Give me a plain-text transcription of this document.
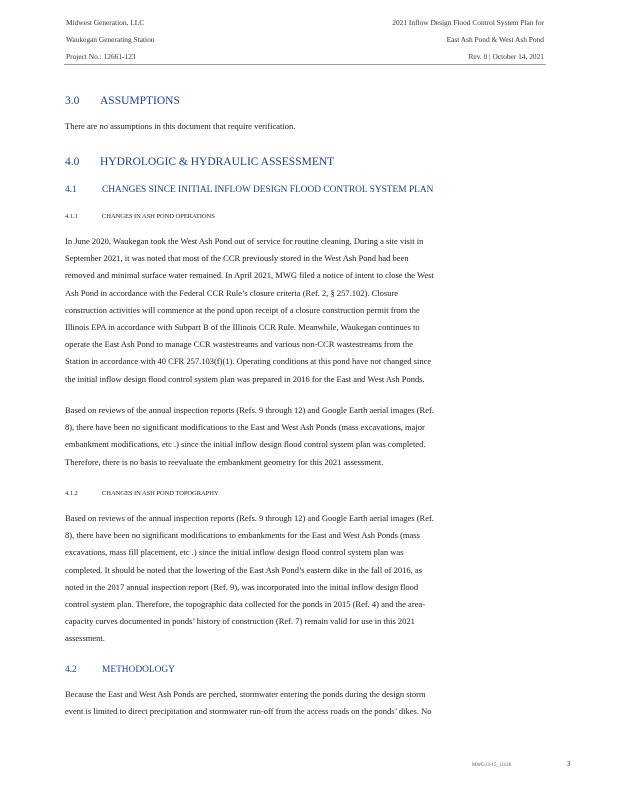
Midwest Generation, LLC
Waukegan Generating Station
Project No.: 12661-123
2021 Inflow Design Flood Control System Plan for
East Ash Pond & West Ash Pond
Rev. 0 | October 14, 2021
3.0 ASSUMPTIONS
There are no assumptions in this document that require verification.
4.0 HYDROLOGIC & HYDRAULIC ASSESSMENT
4.1	CHANGES SINCE INITIAL INFLOW DESIGN FLOOD CONTROL SYSTEM PLAN
4.1.1	CHANGES IN ASH POND OPERATIONS
In June 2020, Waukegan took the West Ash Pond out of service for routine cleaning. During a site visit in
September 2021, it was noted that most of the CCR previously stored in the West Ash Pond had been
removed and minimal surface water remained. In April 2021, MWG filed a notice of intent to close the West
Ash Pond in accordance with the Federal CCR Rule’s closure criteria (Ref. 2, § 257.102). Closure
construction activities will commence at the pond upon receipt of a closure construction permit from the
Illinois EPA in accordance with Subpart B of the Illinois CCR Rule. Meanwhile, Waukegan continues to
operate the East Ash Pond to manage CCR wastestreams and various non-CCR wastestreams from the
Station in accordance with 40 CFR 257.103(f)(1). Operating conditions at this pond have not changed since
the initial inflow design flood control system plan was prepared in 2016 for the East and West Ash Ponds.
Based on reviews of the annual inspection reports (Refs. 9 through 12) and Google Earth aerial images (Ref.
8), there have been no significant modifications to the East and West Ash Ponds (mass excavations, major
embankment modifications, etc .) since the initial inflow design flood control system plan was completed.
Therefore, there is no basis to reevaluate the embankment geometry for this 2021 assessment.
4.1.2	CHANGES IN ASH POND TOPOGRAPHY
Based on reviews of the annual inspection reports (Refs. 9 through 12) and Google Earth aerial images (Ref.
8), there have been no significant modifications to embankments for the East and West Ash Ponds (mass
excavations, mass fill placement, etc .) since the initial inflow design flood control system plan was
completed. It should be noted that the lowering of the East Ash Pond’s eastern dike in the fall of 2016, as
noted in the 2017 annual inspection report (Ref. 9), was incorporated into the initial inflow design flood
control system plan. Therefore, the topographic data collected for the ponds in 2015 (Ref. 4) and the area-
capacity curves documented in ponds’ history of construction (Ref. 7) remain valid for use in this 2021
assessment.
4.2	METHODOLOGY
Because the East and West Ash Ponds are perched, stormwater entering the ponds during the design storm
event is limited to direct precipitation and stormwater run-off from the access roads on the ponds’ dikes. No
MWG13-15_11126	3
